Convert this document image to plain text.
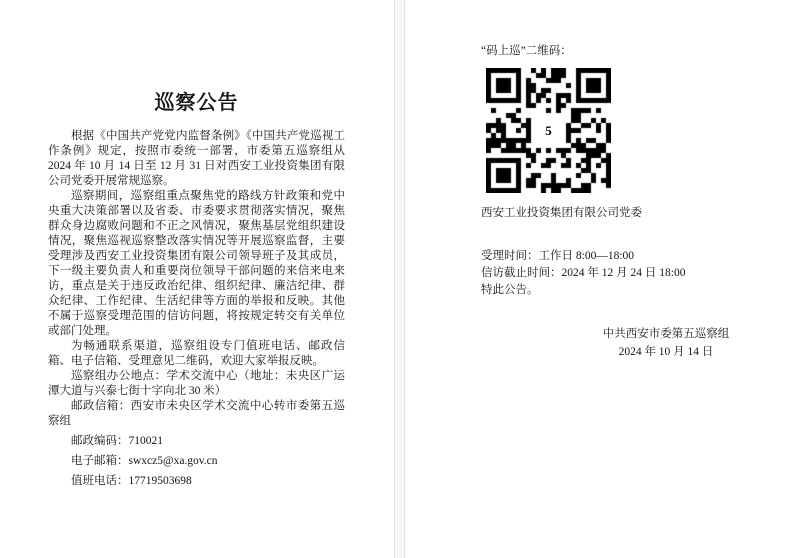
巡察公告

根据《中国共产党党内监督条例》《中国共产党巡视工作条例》规定，按照市委统一部署，市委第五巡察组从 2024 年 10 月 14 日至 12 月 31 日对西安工业投资集团有限公司党委开展常规巡察。

巡察期间，巡察组重点聚焦党的路线方针政策和党中央重大决策部署以及省委、市委要求贯彻落实情况，聚焦群众身边腐败问题和不正之风情况，聚焦基层党组织建设情况，聚焦巡视巡察整改落实情况等开展巡察监督，主要受理涉及西安工业投资集团有限公司领导班子及其成员，下一级主要负责人和重要岗位领导干部问题的来信来电来访，重点是关于违反政治纪律、组织纪律、廉洁纪律、群众纪律、工作纪律、生活纪律等方面的举报和反映。其他不属于巡察受理范围的信访问题，将按规定转交有关单位或部门处理。

为畅通联系渠道，巡察组设专门值班电话、邮政信箱、电子信箱、受理意见二维码，欢迎大家举报反映。

巡察组办公地点：学术交流中心（地址：未央区广运潭大道与兴泰七街十字向北 30 米）

邮政信箱：西安市未央区学术交流中心转市委第五巡察组

邮政编码：710021

电子邮箱：swxcz5@xa.gov.cn

值班电话：17719503698

“码上巡”二维码：
5
西安工业投资集团有限公司党委

受理时间：工作日 8:00—18:00

信访截止时间：2024 年 12 月 24 日 18:00

特此公告。

中共西安市委第五巡察组
2024 年 10 月 14 日
